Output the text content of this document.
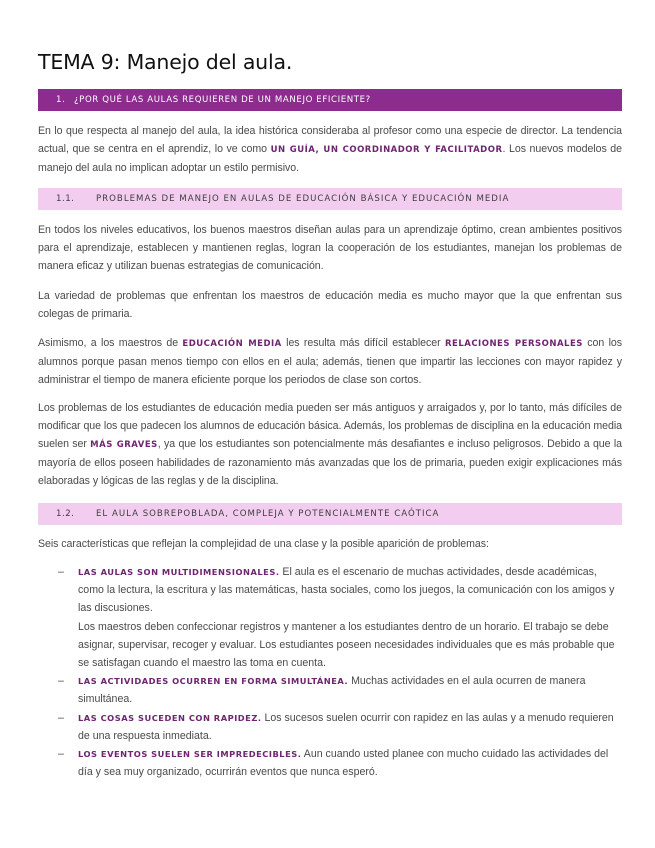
TEMA 9: Manejo del aula.
1. ¿POR QUÉ LAS AULAS REQUIEREN DE UN MANEJO EFICIENTE?

En lo que respecta al manejo del aula, la idea histórica consideraba al profesor como una especie de director. La tendencia actual, que se centra en el aprendiz, lo ve como UN GUÍA, UN COORDINADOR Y FACILITADOR. Los nuevos modelos de manejo del aula no implican adoptar un estilo permisivo.

1.1.	PROBLEMAS DE MANEJO EN AULAS DE EDUCACIÓN BÁSICA Y EDUCACIÓN MEDIA

En todos los niveles educativos, los buenos maestros diseñan aulas para un aprendizaje óptimo, crean ambientes positivos para el aprendizaje, establecen y mantienen reglas, logran la cooperación de los estudiantes, manejan los problemas de manera eficaz y utilizan buenas estrategias de comunicación.

La variedad de problemas que enfrentan los maestros de educación media es mucho mayor que la que enfrentan sus colegas de primaria.

Asimismo, a los maestros de EDUCACIÓN MEDIA les resulta más difícil establecer RELACIONES PERSONALES con los alumnos porque pasan menos tiempo con ellos en el aula; además, tienen que impartir las lecciones con mayor rapidez y administrar el tiempo de manera eficiente porque los periodos de clase son cortos.

Los problemas de los estudiantes de educación media pueden ser más antiguos y arraigados y, por lo tanto, más difíciles de modificar que los que padecen los alumnos de educación básica. Además, los problemas de disciplina en la educación media suelen ser MÁS GRAVES, ya que los estudiantes son potencialmente más desafiantes e incluso peligrosos. Debido a que la mayoría de ellos poseen habilidades de razonamiento más avanzadas que los de primaria, pueden exigir explicaciones más elaboradas y lógicas de las reglas y de la disciplina.

1.2.	EL AULA SOBREPOBLADA, COMPLEJA Y POTENCIALMENTE CAÓTICA

Seis características que reflejan la complejidad de una clase y la posible aparición de problemas:

– LAS AULAS SON MULTIDIMENSIONALES. El aula es el escenario de muchas actividades, desde académicas, como la lectura, la escritura y las matemáticas, hasta sociales, como los juegos, la comunicación con los amigos y las discusiones.
Los maestros deben confeccionar registros y mantener a los estudiantes dentro de un horario. El trabajo se debe asignar, supervisar, recoger y evaluar. Los estudiantes poseen necesidades individuales que es más probable que se satisfagan cuando el maestro las toma en cuenta.
– LAS ACTIVIDADES OCURREN EN FORMA SIMULTÁNEA. Muchas actividades en el aula ocurren de manera simultánea.
– LAS COSAS SUCEDEN CON RAPIDEZ. Los sucesos suelen ocurrir con rapidez en las aulas y a menudo requieren de una respuesta inmediata.
– LOS EVENTOS SUELEN SER IMPREDECIBLES. Aun cuando usted planee con mucho cuidado las actividades del día y sea muy organizado, ocurrirán eventos que nunca esperó.
